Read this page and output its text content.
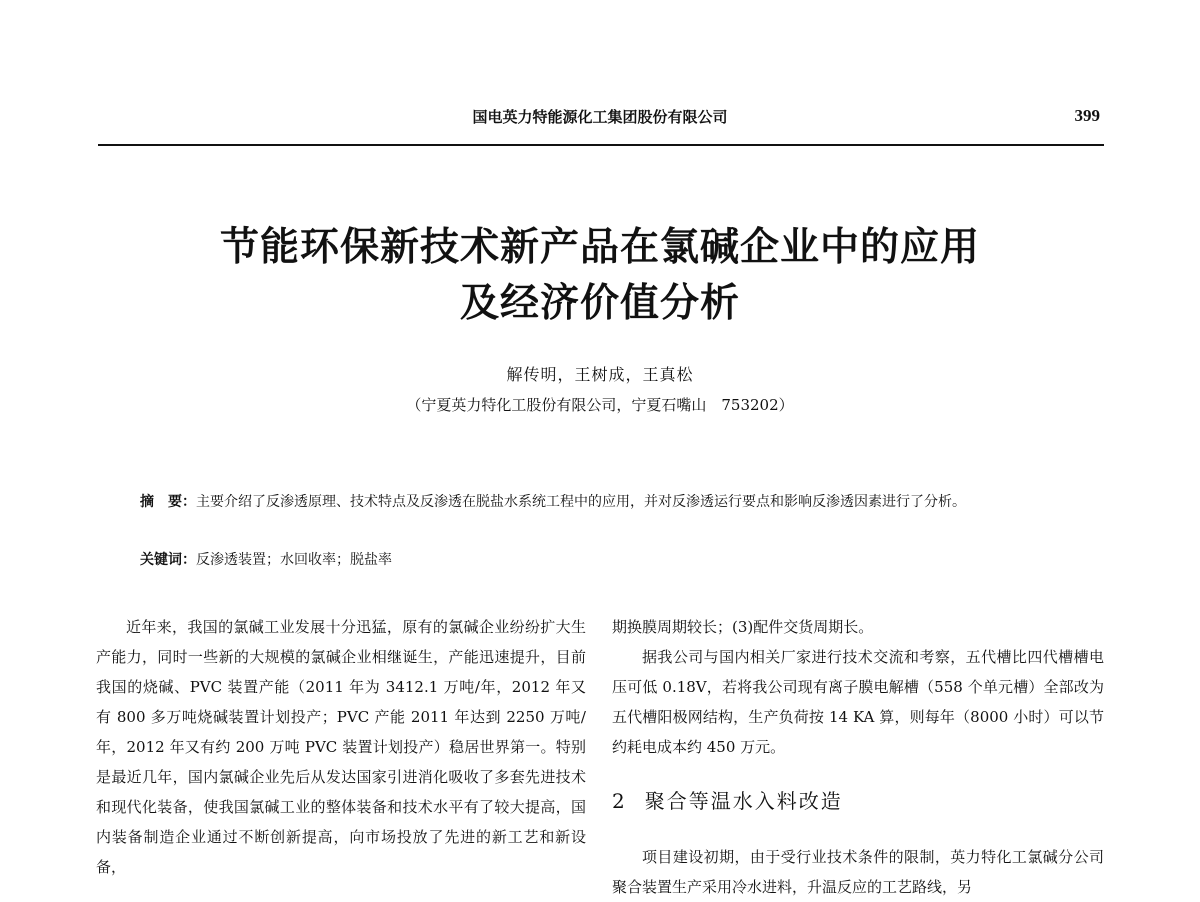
国电英力特能源化工集团股份有限公司	399
节能环保新技术新产品在氯碱企业中的应用
及经济价值分析
解传明，王树成，王真松
（宁夏英力特化工股份有限公司，宁夏石嘴山　753202）
摘　要：主要介绍了反渗透原理、技术特点及反渗透在脱盐水系统工程中的应用，并对反渗透运行要点和影响反渗透因素进行了分析。
关键词：反渗透装置；水回收率；脱盐率

近年来，我国的氯碱工业发展十分迅猛，原有的氯碱企业纷纷扩大生产能力，同时一些新的大规模的氯碱企业相继诞生，产能迅速提升，目前我国的烧碱、PVC 装置产能（2011 年为 3412.1 万吨/年，2012 年又有 800 多万吨烧碱装置计划投产；PVC 产能 2011 年达到 2250 万吨/年，2012 年又有约 200 万吨 PVC 装置计划投产）稳居世界第一。特别是最近几年，国内氯碱企业先后从发达国家引进消化吸收了多套先进技术和现代化装备，使我国氯碱工业的整体装备和技术水平有了较大提高，国内装备制造企业通过不断创新提高，向市场投放了先进的新工艺和新设备，

期换膜周期较长；(3)配件交货周期长。

据我公司与国内相关厂家进行技术交流和考察，五代槽比四代槽槽电压可低 0.18V，若将我公司现有离子膜电解槽（558 个单元槽）全部改为五代槽阳极网结构，生产负荷按 14 KA 算，则每年（8000 小时）可以节约耗电成本约 450 万元。

2 聚合等温水入料改造

项目建设初期，由于受行业技术条件的限制，英力特化工氯碱分公司聚合装置生产采用冷水进料，升温反应的工艺路线，另
